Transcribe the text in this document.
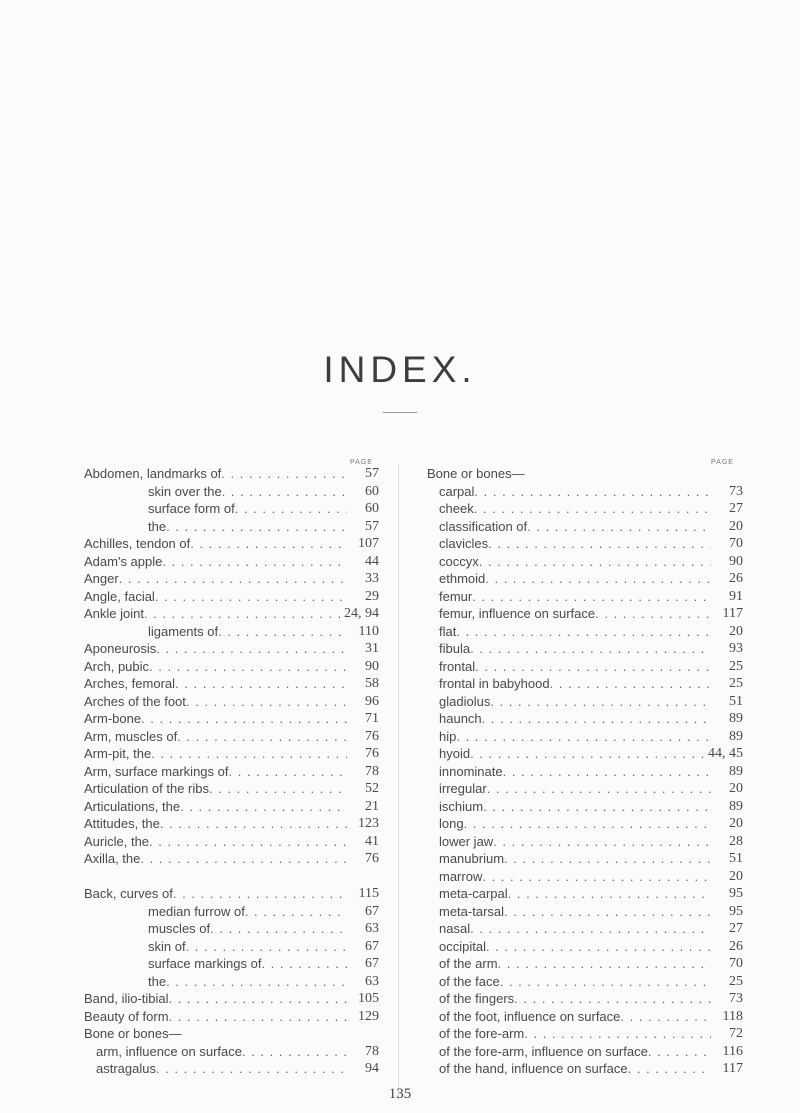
INDEX.
PAGE	PAGE
Abdomen, landmarks of . . .	57
skin over the . . .	60
surface form of . . .	60
the . . .	57
Achilles, tendon of . . .	107
Adam's apple . . .	44
Anger . . .	33
Angle, facial . . .	29
Ankle joint . . .	24, 94
ligaments of . . .	110
Aponeurosis . . .	31
Arch, pubic . . .	90
Arches, femoral . . .	58
Arches of the foot . . .	96
Arm-bone . . .	71
Arm, muscles of . . .	76
Arm-pit, the . . .	76
Arm, surface markings of . . .	78
Articulation of the ribs . . .	52
Articulations, the . . .	21
Attitudes, the . . .	123
Auricle, the . . .	41
Axilla, the . . .	76
Back, curves of . . .	115
median furrow of . . .	67
muscles of . . .	63
skin of . . .	67
surface markings of . . .	67
the . . .	63
Band, ilio-tibial . . .	105
Beauty of form . . .	129
Bone or bones—
arm, influence on surface . . .	78
astragalus . . .	94
Bone or bones—
carpal . . .	73
cheek . . .	27
classification of . . .	20
clavicles . . .	70
coccyx . . .	90
ethmoid . . .	26
femur . . .	91
femur, influence on surface . . .	117
flat . . .	20
fibula . . .	93
frontal . . .	25
frontal in babyhood . . .	25
gladiolus . . .	51
haunch . . .	89
hip . . .	89
hyoid . . .	44, 45
innominate . . .	89
irregular . . .	20
ischium . . .	89
long . . .	20
lower jaw . . .	28
manubrium . . .	51
marrow . . .	20
meta-carpal . . .	95
meta-tarsal . . .	95
nasal . . .	27
occipital . . .	26
of the arm . . .	70
of the face . . .	25
of the fingers . . .	73
of the foot, influence on surface . . .	118
of the fore-arm . . .	72
of the fore-arm, influence on surface . . .	116
of the hand, influence on surface . . .	117
135
